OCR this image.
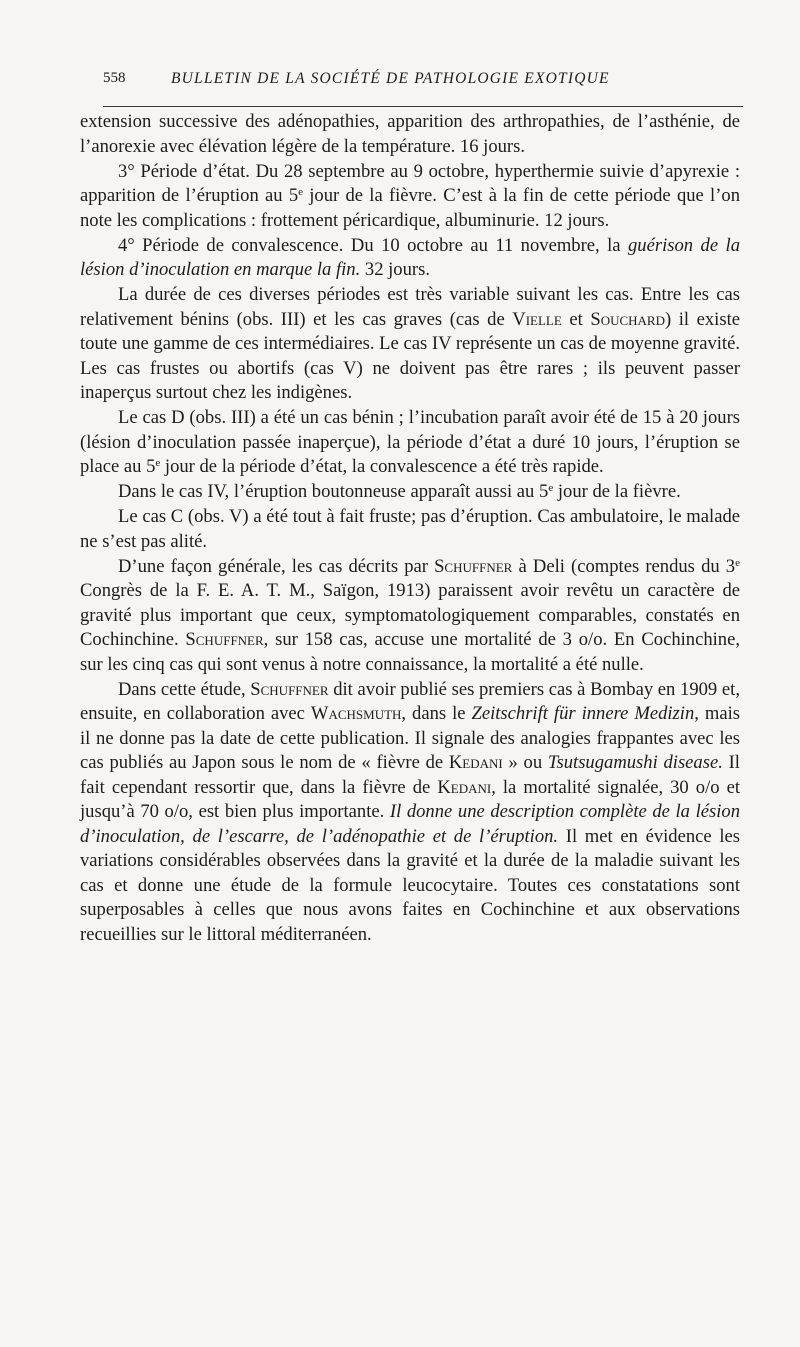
558	BULLETIN DE LA SOCIÉTÉ DE PATHOLOGIE EXOTIQUE

extension successive des adénopathies, apparition des arthropathies, de l’asthénie, de l’anorexie avec élévation légère de la température. 16 jours.

3° Période d’état. Du 28 septembre au 9 octobre, hyperthermie suivie d’apyrexie : apparition de l’éruption au 5e jour de la fièvre. C’est à la fin de cette période que l’on note les complications : frottement péricardique, albuminurie. 12 jours.

4° Période de convalescence. Du 10 octobre au 11 novembre, la guérison de la lésion d’inoculation en marque la fin. 32 jours.

La durée de ces diverses périodes est très variable suivant les cas. Entre les cas relativement bénins (obs. III) et les cas graves (cas de Vielle et Souchard) il existe toute une gamme de ces intermédiaires. Le cas IV représente un cas de moyenne gravité. Les cas frustes ou abortifs (cas V) ne doivent pas être rares ; ils peuvent passer inaperçus surtout chez les indigènes.

Le cas D (obs. III) a été un cas bénin ; l’incubation paraît avoir été de 15 à 20 jours (lésion d’inoculation passée inaperçue), la période d’état a duré 10 jours, l’éruption se place au 5e jour de la période d’état, la convalescence a été très rapide.

Dans le cas IV, l’éruption boutonneuse apparaît aussi au 5e jour de la fièvre.

Le cas C (obs. V) a été tout à fait fruste; pas d’éruption. Cas ambulatoire, le malade ne s’est pas alité.

D’une façon générale, les cas décrits par Schuffner à Deli (comptes rendus du 3e Congrès de la F. E. A. T. M., Saïgon, 1913) paraissent avoir revêtu un caractère de gravité plus important que ceux, symptomatologiquement comparables, constatés en Cochinchine. Schuffner, sur 158 cas, accuse une mortalité de 3 o/o. En Cochinchine, sur les cinq cas qui sont venus à notre connaissance, la mortalité a été nulle.

Dans cette étude, Schuffner dit avoir publié ses premiers cas à Bombay en 1909 et, ensuite, en collaboration avec Wachsmuth, dans le Zeitschrift für innere Medizin, mais il ne donne pas la date de cette publication. Il signale des analogies frappantes avec les cas publiés au Japon sous le nom de « fièvre de Kedani » ou Tsutsugamushi disease. Il fait cependant ressortir que, dans la fièvre de Kedani, la mortalité signalée, 30 o/o et jusqu’à 70 o/o, est bien plus importante. Il donne une description complète de la lésion d’inoculation, de l’escarre, de l’adénopathie et de l’éruption. Il met en évidence les variations considérables observées dans la gravité et la durée de la maladie suivant les cas et donne une étude de la formule leucocytaire. Toutes ces constatations sont superposables à celles que nous avons faites en Cochinchine et aux observations recueillies sur le littoral méditerranéen.
